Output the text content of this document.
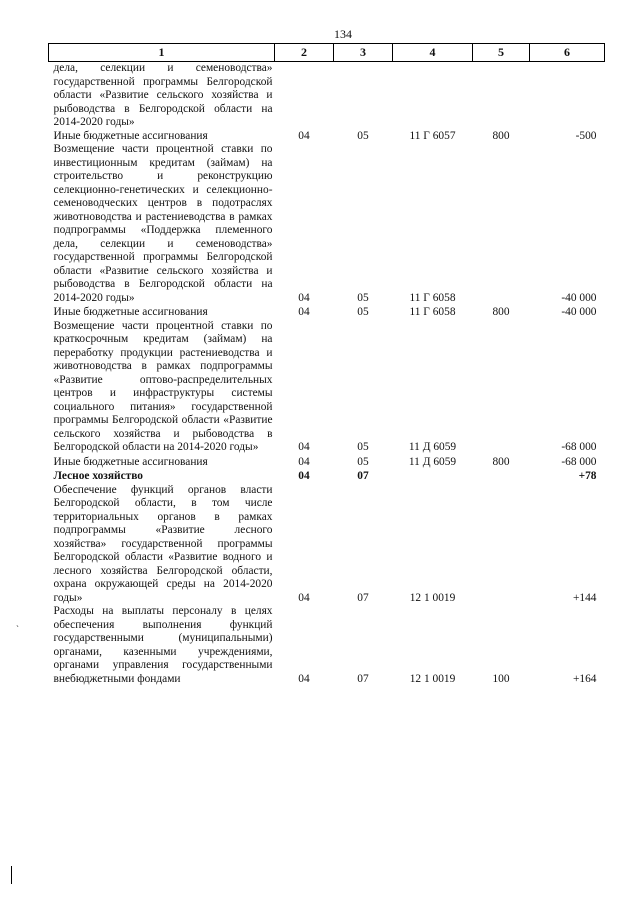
134
1	2	3	4	5	6
дела, селекции и семеноводства» государственной программы Белгородской области «Развитие сельского хозяйства и рыбоводства в Белгородской области на 2014-2020 годы»					
Иные бюджетные ассигнования	04	05	11 Г 6057	800	-500
Возмещение части процентной ставки по инвестиционным кредитам (займам) на строительство и реконструкцию селекционно-генетических и селекционно-семеноводческих центров в подотраслях животноводства и растениеводства в рамках подпрограммы «Поддержка племенного дела, селекции и семеноводства» государственной программы Белгородской области «Развитие сельского хозяйства и рыбоводства в Белгородской области на 2014-2020 годы»	04	05	11 Г 6058		-40 000
Иные бюджетные ассигнования	04	05	11 Г 6058	800	-40 000
Возмещение части процентной ставки по краткосрочным кредитам (займам) на переработку продукции растениеводства и животноводства в рамках подпрограммы «Развитие оптово-распределительных центров и инфраструктуры системы социального питания» государственной программы Белгородской области «Развитие сельского хозяйства и рыбоводства в Белгородской области на 2014-2020 годы»	04	05	11 Д 6059		-68 000
Иные бюджетные ассигнования	04	05	11 Д 6059	800	-68 000
Лесное хозяйство	04	07			+78
Обеспечение функций органов власти Белгородской области, в том числе территориальных органов в рамках подпрограммы «Развитие лесного хозяйства» государственной программы Белгородской области «Развитие водного и лесного хозяйства Белгородской области, охрана окружающей среды на 2014-2020 годы»	04	07	12 1 0019		+144
Расходы на выплаты персоналу в целях обеспечения выполнения функций государственными (муниципальными) органами, казенными учреждениями, органами управления государственными внебюджетными фондами	04	07	12 1 0019	100	+164
`
